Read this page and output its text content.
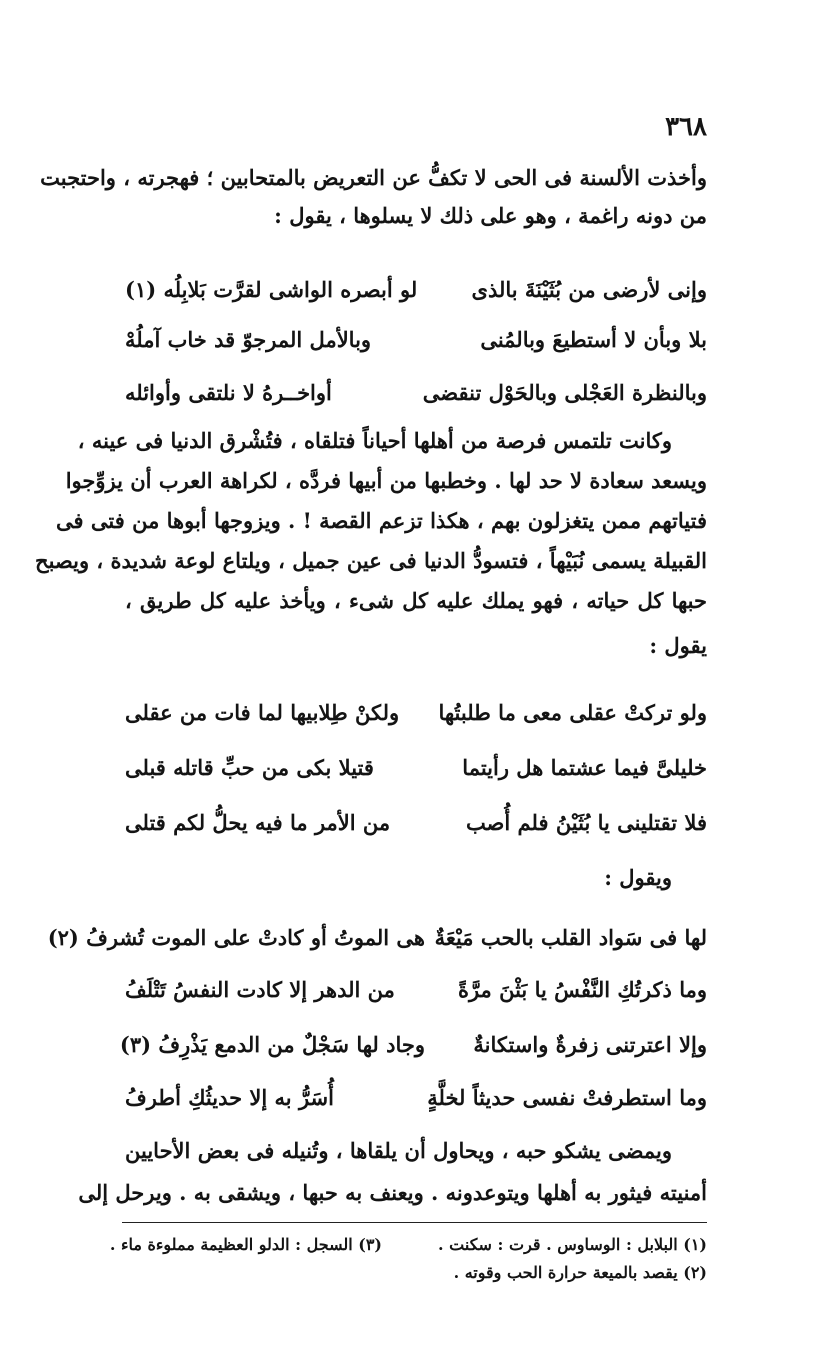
٣٦٨
وأخذت الألسنة فى الحى لا تكفُّ عن التعريض بالمتحابين ؛ فهجرته ، واحتجبت
من دونه راغمة ، وهو على ذلك لا يسلوها ، يقول :
وإنى لأرضى من بُثَيْنَةَ بالذى
لو أبصره الواشى لقرَّت بَلابِلُه (١)
بلا وبأن لا أستطيعَ وبالمُنى
وبالأمل المرجوّ قد خاب آملُهْ
وبالنظرة العَجْلى وبالحَوْل تنقضى
أواخــرهُ لا نلتقى وأوائله
وكانت تلتمس فرصة من أهلها أحياناً فتلقاه ، فتُشْرق الدنيا فى عينه ،
ويسعد سعادة لا حد لها . وخطبها من أبيها فردَّه ، لكراهة العرب أن يزوِّجوا
فتياتهم ممن يتغزلون بهم ، هكذا تزعم القصة ! . ويزوجها أبوها من فتى فى
القبيلة يسمى نُبَيْهاً ، فتسودُّ الدنيا فى عين جميل ، ويلتاع لوعة شديدة ، ويصبح
حبها كل حياته ، فهو يملك عليه كل شىء ، ويأخذ عليه كل طريق ،
يقول :
ولو تركتْ عقلى معى ما طلبتُها
ولكنْ طِلابيها لما فات من عقلى
خليلىَّ فيما عشتما هل رأيتما
قتيلا بكى من حبِّ قاتله قبلى
فلا تقتلينى يا بُثَيْنُ فلم أُصب
من الأمر ما فيه يحلُّ لكم قتلى
ويقول :
لها فى سَواد القلب بالحب مَيْعَةٌ
هى الموتُ أو كادتْ على الموت تُشرفُ (٢)
وما ذكرتُكِ النَّفْسُ يا بَثْنَ مرَّةً
من الدهر إلا كادت النفسُ تَتْلَفُ
وإلا اعترتنى زفرةٌ واستكانةٌ
وجاد لها سَجْلٌ من الدمع يَذْرِفُ (٣)
وما استطرفتْ نفسى حديثاً لخلَّةٍ
أُسَرُّ به إلا حديثُكِ أطرفُ
ويمضى يشكو حبه ، ويحاول أن يلقاها ، وتُنيله فى بعض الأحايين
أمنيته فيثور به أهلها ويتوعدونه . ويعنف به حبها ، ويشقى به . ويرحل إلى
(١) البلابل : الوساوس . قرت : سكنت .
(٢) يقصد بالميعة حرارة الحب وقوته .
(٣) السجل : الدلو العظيمة مملوءة ماء .
